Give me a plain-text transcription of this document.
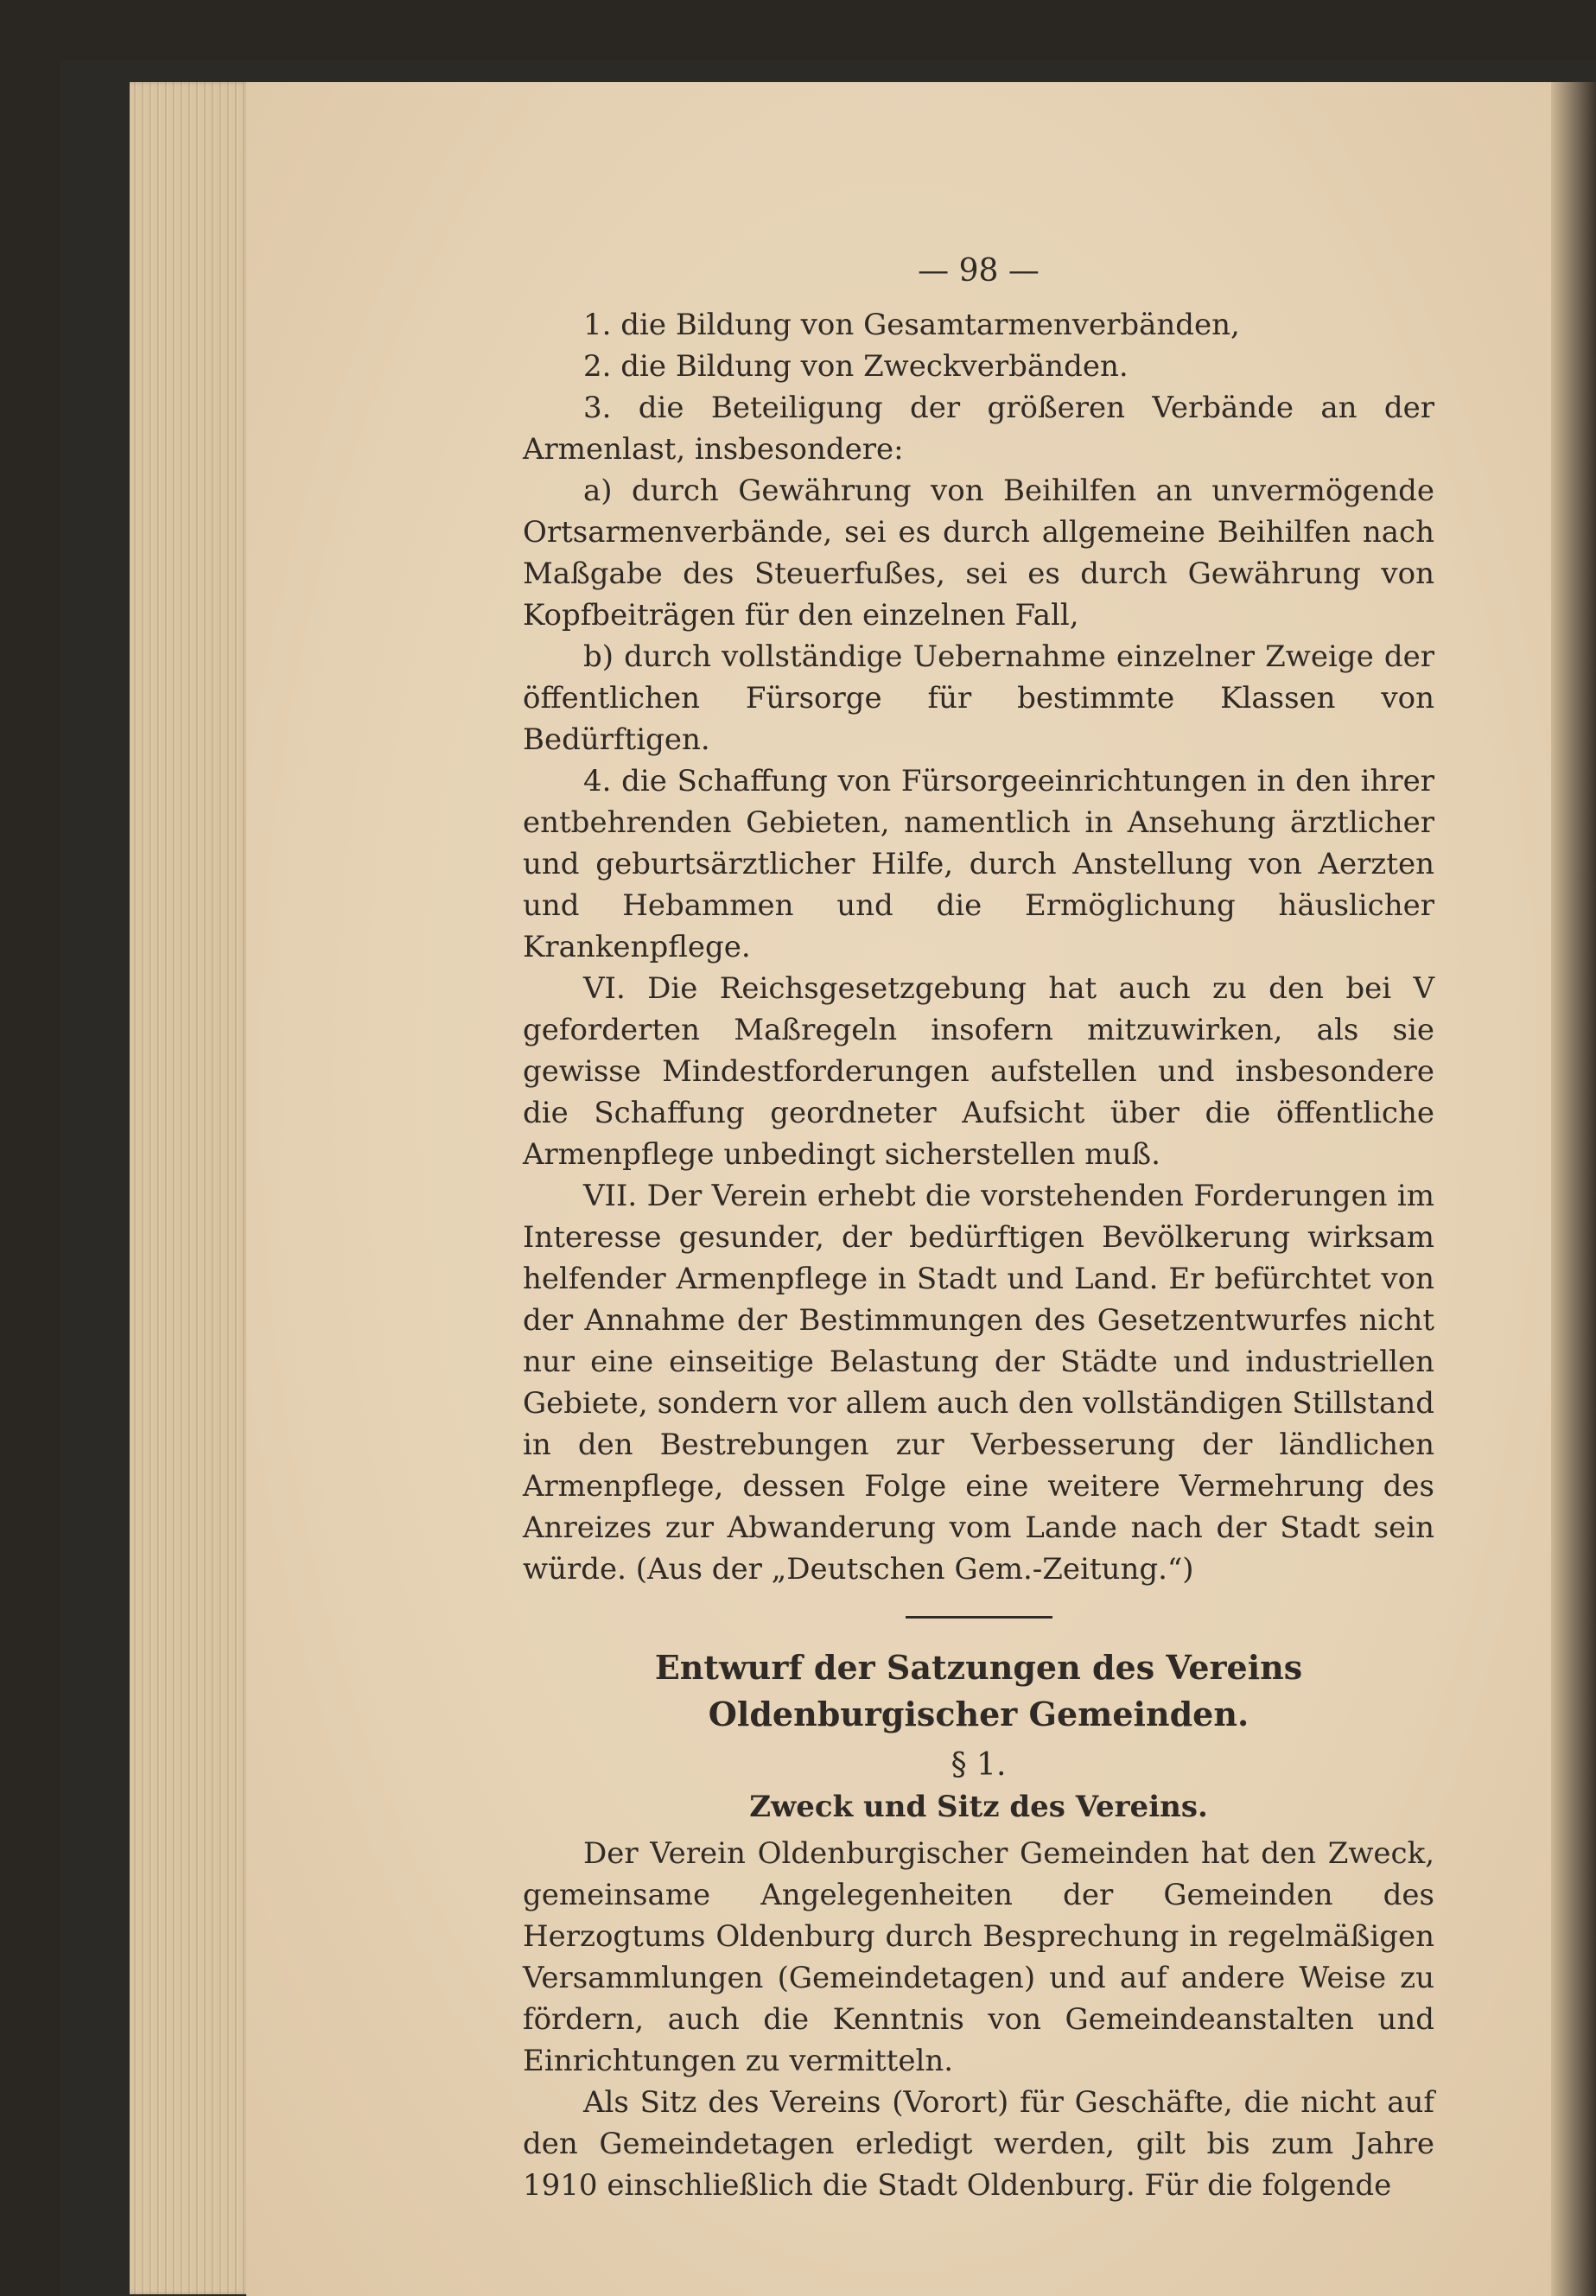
— 98 —
1. die Bildung von Gesamtarmenverbänden,
2. die Bildung von Zweckverbänden.
3. die Beteiligung der größeren Verbände an der Armenlast, insbesondere:
a) durch Gewährung von Beihilfen an unvermögende Ortsarmenverbände, sei es durch allgemeine Beihilfen nach Maßgabe des Steuerfußes, sei es durch Gewährung von Kopfbeiträgen für den einzelnen Fall,
b) durch vollständige Uebernahme einzelner Zweige der öffentlichen Fürsorge für bestimmte Klassen von Bedürftigen.
4. die Schaffung von Fürsorgeeinrichtungen in den ihrer entbehrenden Gebieten, namentlich in Ansehung ärztlicher und geburtsärztlicher Hilfe, durch Anstellung von Aerzten und Hebammen und die Ermöglichung häuslicher Krankenpflege.
VI. Die Reichsgesetzgebung hat auch zu den bei V geforderten Maßregeln insofern mitzuwirken, als sie gewisse Mindestforderungen aufstellen und insbesondere die Schaffung geordneter Aufsicht über die öffentliche Armenpflege unbedingt sicherstellen muß.
VII. Der Verein erhebt die vorstehenden Forderungen im Interesse gesunder, der bedürftigen Bevölkerung wirksam helfender Armenpflege in Stadt und Land. Er befürchtet von der Annahme der Bestimmungen des Gesetzentwurfes nicht nur eine einseitige Belastung der Städte und industriellen Gebiete, sondern vor allem auch den vollständigen Stillstand in den Bestrebungen zur Verbesserung der ländlichen Armenpflege, dessen Folge eine weitere Vermehrung des Anreizes zur Abwanderung vom Lande nach der Stadt sein würde. (Aus der „Deutschen Gem.-Zeitung.“)
Entwurf der Satzungen des Vereins
Oldenburgischer Gemeinden.
§ 1.
Zweck und Sitz des Vereins.
Der Verein Oldenburgischer Gemeinden hat den Zweck, gemeinsame Angelegenheiten der Gemeinden des Herzogtums Oldenburg durch Besprechung in regelmäßigen Versammlungen (Gemeindetagen) und auf andere Weise zu fördern, auch die Kenntnis von Gemeindeanstalten und Einrichtungen zu vermitteln.
Als Sitz des Vereins (Vorort) für Geschäfte, die nicht auf den Gemeindetagen erledigt werden, gilt bis zum Jahre 1910 einschließlich die Stadt Oldenburg. Für die folgende
